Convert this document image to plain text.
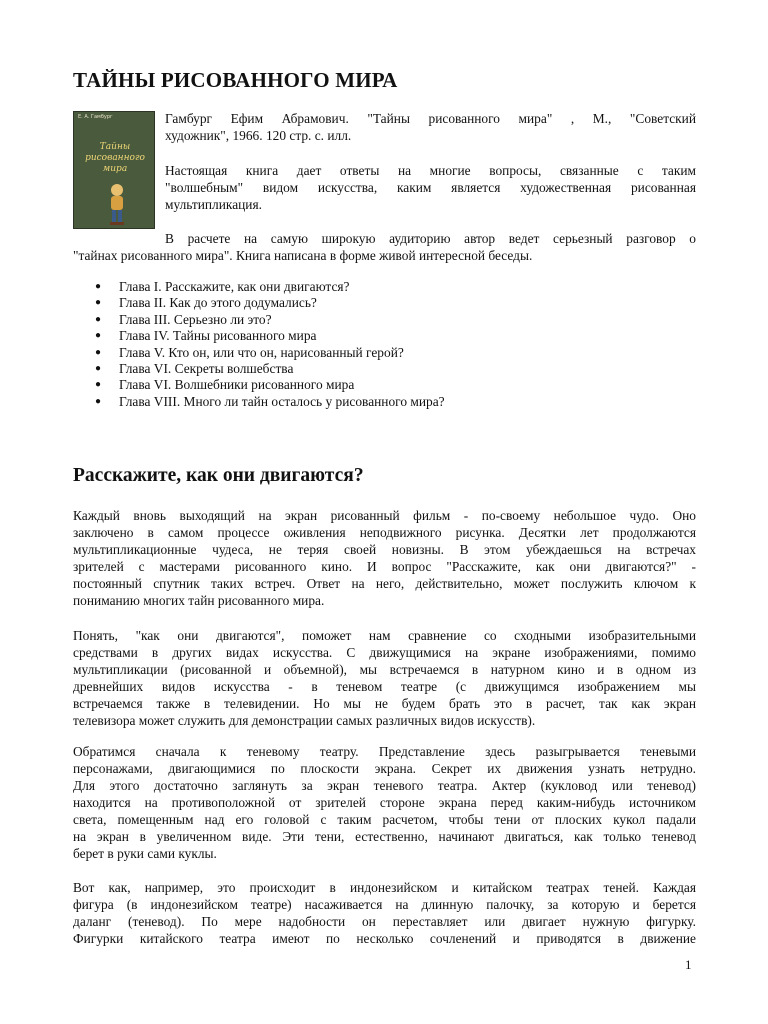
ТАЙНЫ РИСОВАННОГО МИРА
Е. А. Гамбург
Тайны
рисованного
мира
Гамбург Ефим Абрамович. "Тайны рисованного мира" , М., "Советский
художник", 1966. 120 стр. с. илл.
Настоящая книга дает ответы на многие вопросы, связанные с таким
"волшебным" видом искусства, каким является художественная рисованная
мультипликация.
В расчете на самую широкую аудиторию автор ведет серьезный разговор о
"тайнах рисованного мира". Книга написана в форме живой интересной беседы.
● Глава I. Расскажите, как они двигаются?
● Глава II. Как до этого додумались?
● Глава III. Серьезно ли это?
● Глава IV. Тайны рисованного мира
● Глава V. Кто он, или что он, нарисованный герой?
● Глава VI. Секреты волшебства
● Глава VI. Волшебники рисованного мира
● Глава VIII. Много ли тайн осталось у рисованного мира?
Расскажите, как они двигаются?
Каждый вновь выходящий на экран рисованный фильм - по-своему небольшое чудо. Оно
заключено в самом процессе оживления неподвижного рисунка. Десятки лет продолжаются
мультипликационные чудеса, не теряя своей новизны. В этом убеждаешься на встречах
зрителей с мастерами рисованного кино. И вопрос "Расскажите, как они двигаются?" -
постоянный спутник таких встреч. Ответ на него, действительно, может послужить ключом к
пониманию многих тайн рисованного мира.
Понять, "как они двигаются", поможет нам сравнение со сходными изобразительными
средствами в других видах искусства. С движущимися на экране изображениями, помимо
мультипликации (рисованной и объемной), мы встречаемся в натурном кино и в одном из
древнейших видов искусства - в теневом театре (с движущимся изображением мы
встречаемся также в телевидении. Но мы не будем брать это в расчет, так как экран
телевизора может служить для демонстрации самых различных видов искусств).
Обратимся сначала к теневому театру. Представление здесь разыгрывается теневыми
персонажами, двигающимися по плоскости экрана. Секрет их движения узнать нетрудно.
Для этого достаточно заглянуть за экран теневого театра. Актер (кукловод или теневод)
находится на противоположной от зрителей стороне экрана перед каким-нибудь источником
света, помещенным над его головой с таким расчетом, чтобы тени от плоских кукол падали
на экран в увеличенном виде. Эти тени, естественно, начинают двигаться, как только теневод
берет в руки сами куклы.
Вот как, например, это происходит в индонезийском и китайском театрах теней. Каждая
фигура (в индонезийском театре) насаживается на длинную палочку, за которую и берется
даланг (теневод). По мере надобности он переставляет или двигает нужную фигурку.
Фигурки китайского театра имеют по несколько сочленений и приводятся в движение
1
